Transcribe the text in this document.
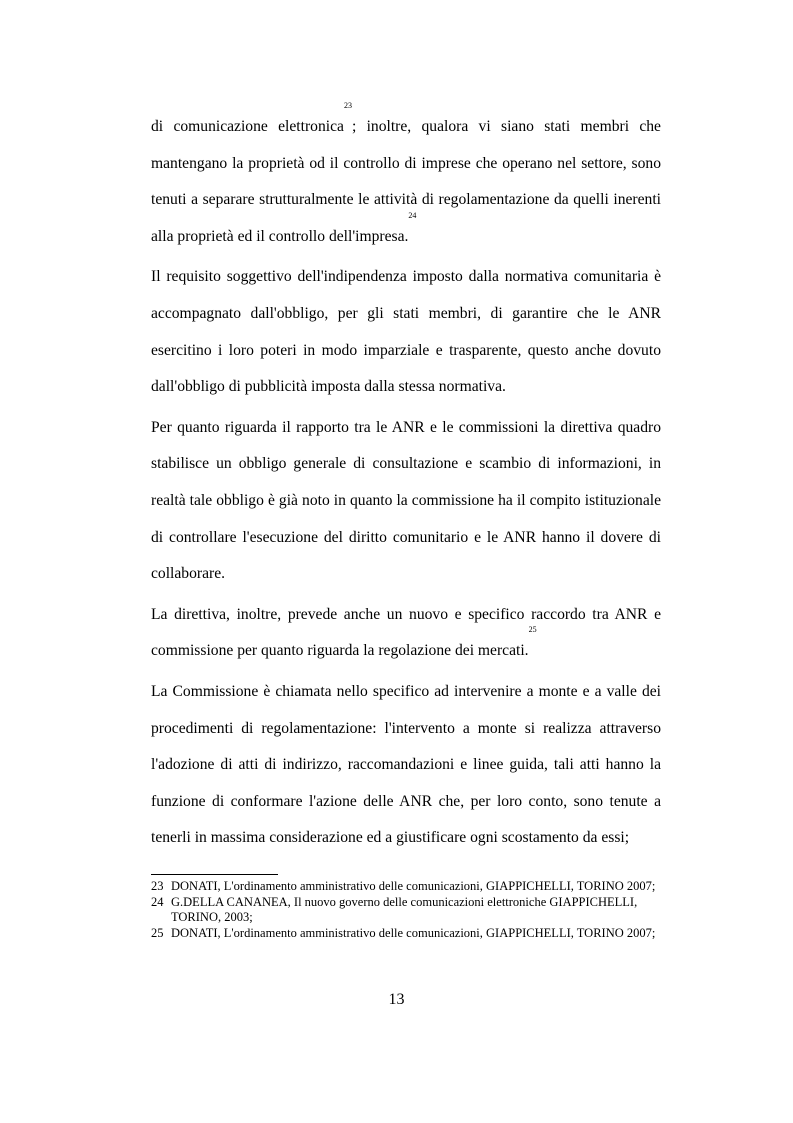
di comunicazione elettronica$^{23}$; inoltre, qualora vi siano stati membri che mantengano la proprietà od il controllo di imprese che operano nel settore, sono tenuti a separare strutturalmente le attività di regolamentazione da quelli inerenti alla proprietà ed il controllo dell'impresa.$^{24}$

Il requisito soggettivo dell'indipendenza imposto dalla normativa comunitaria è accompagnato dall'obbligo, per gli stati membri, di garantire che le ANR esercitino i loro poteri in modo imparziale e trasparente, questo anche dovuto dall'obbligo di pubblicità imposta dalla stessa normativa.

Per quanto riguarda il rapporto tra le ANR e le commissioni la direttiva quadro stabilisce un obbligo generale di consultazione e scambio di informazioni, in realtà tale obbligo è già noto in quanto la commissione ha il compito istituzionale di controllare l'esecuzione del diritto comunitario e le ANR hanno il dovere di collaborare.

La direttiva, inoltre, prevede anche un nuovo e specifico raccordo tra ANR e commissione per quanto riguarda la regolazione dei mercati.$^{25}$

La Commissione è chiamata nello specifico ad intervenire a monte e a valle dei procedimenti di regolamentazione: l'intervento a monte si realizza attraverso l'adozione di atti di indirizzo, raccomandazioni e linee guida, tali atti hanno la funzione di conformare l'azione delle ANR che, per loro conto, sono tenute a tenerli in massima considerazione ed a giustificare ogni scostamento da essi;

23 DONATI, L'ordinamento amministrativo delle comunicazioni, GIAPPICHELLI, TORINO 2007;
24 G.DELLA CANANEA, Il nuovo governo delle comunicazioni elettroniche GIAPPICHELLI, TORINO, 2003;
25 DONATI, L'ordinamento amministrativo delle comunicazioni, GIAPPICHELLI, TORINO 2007;
13
